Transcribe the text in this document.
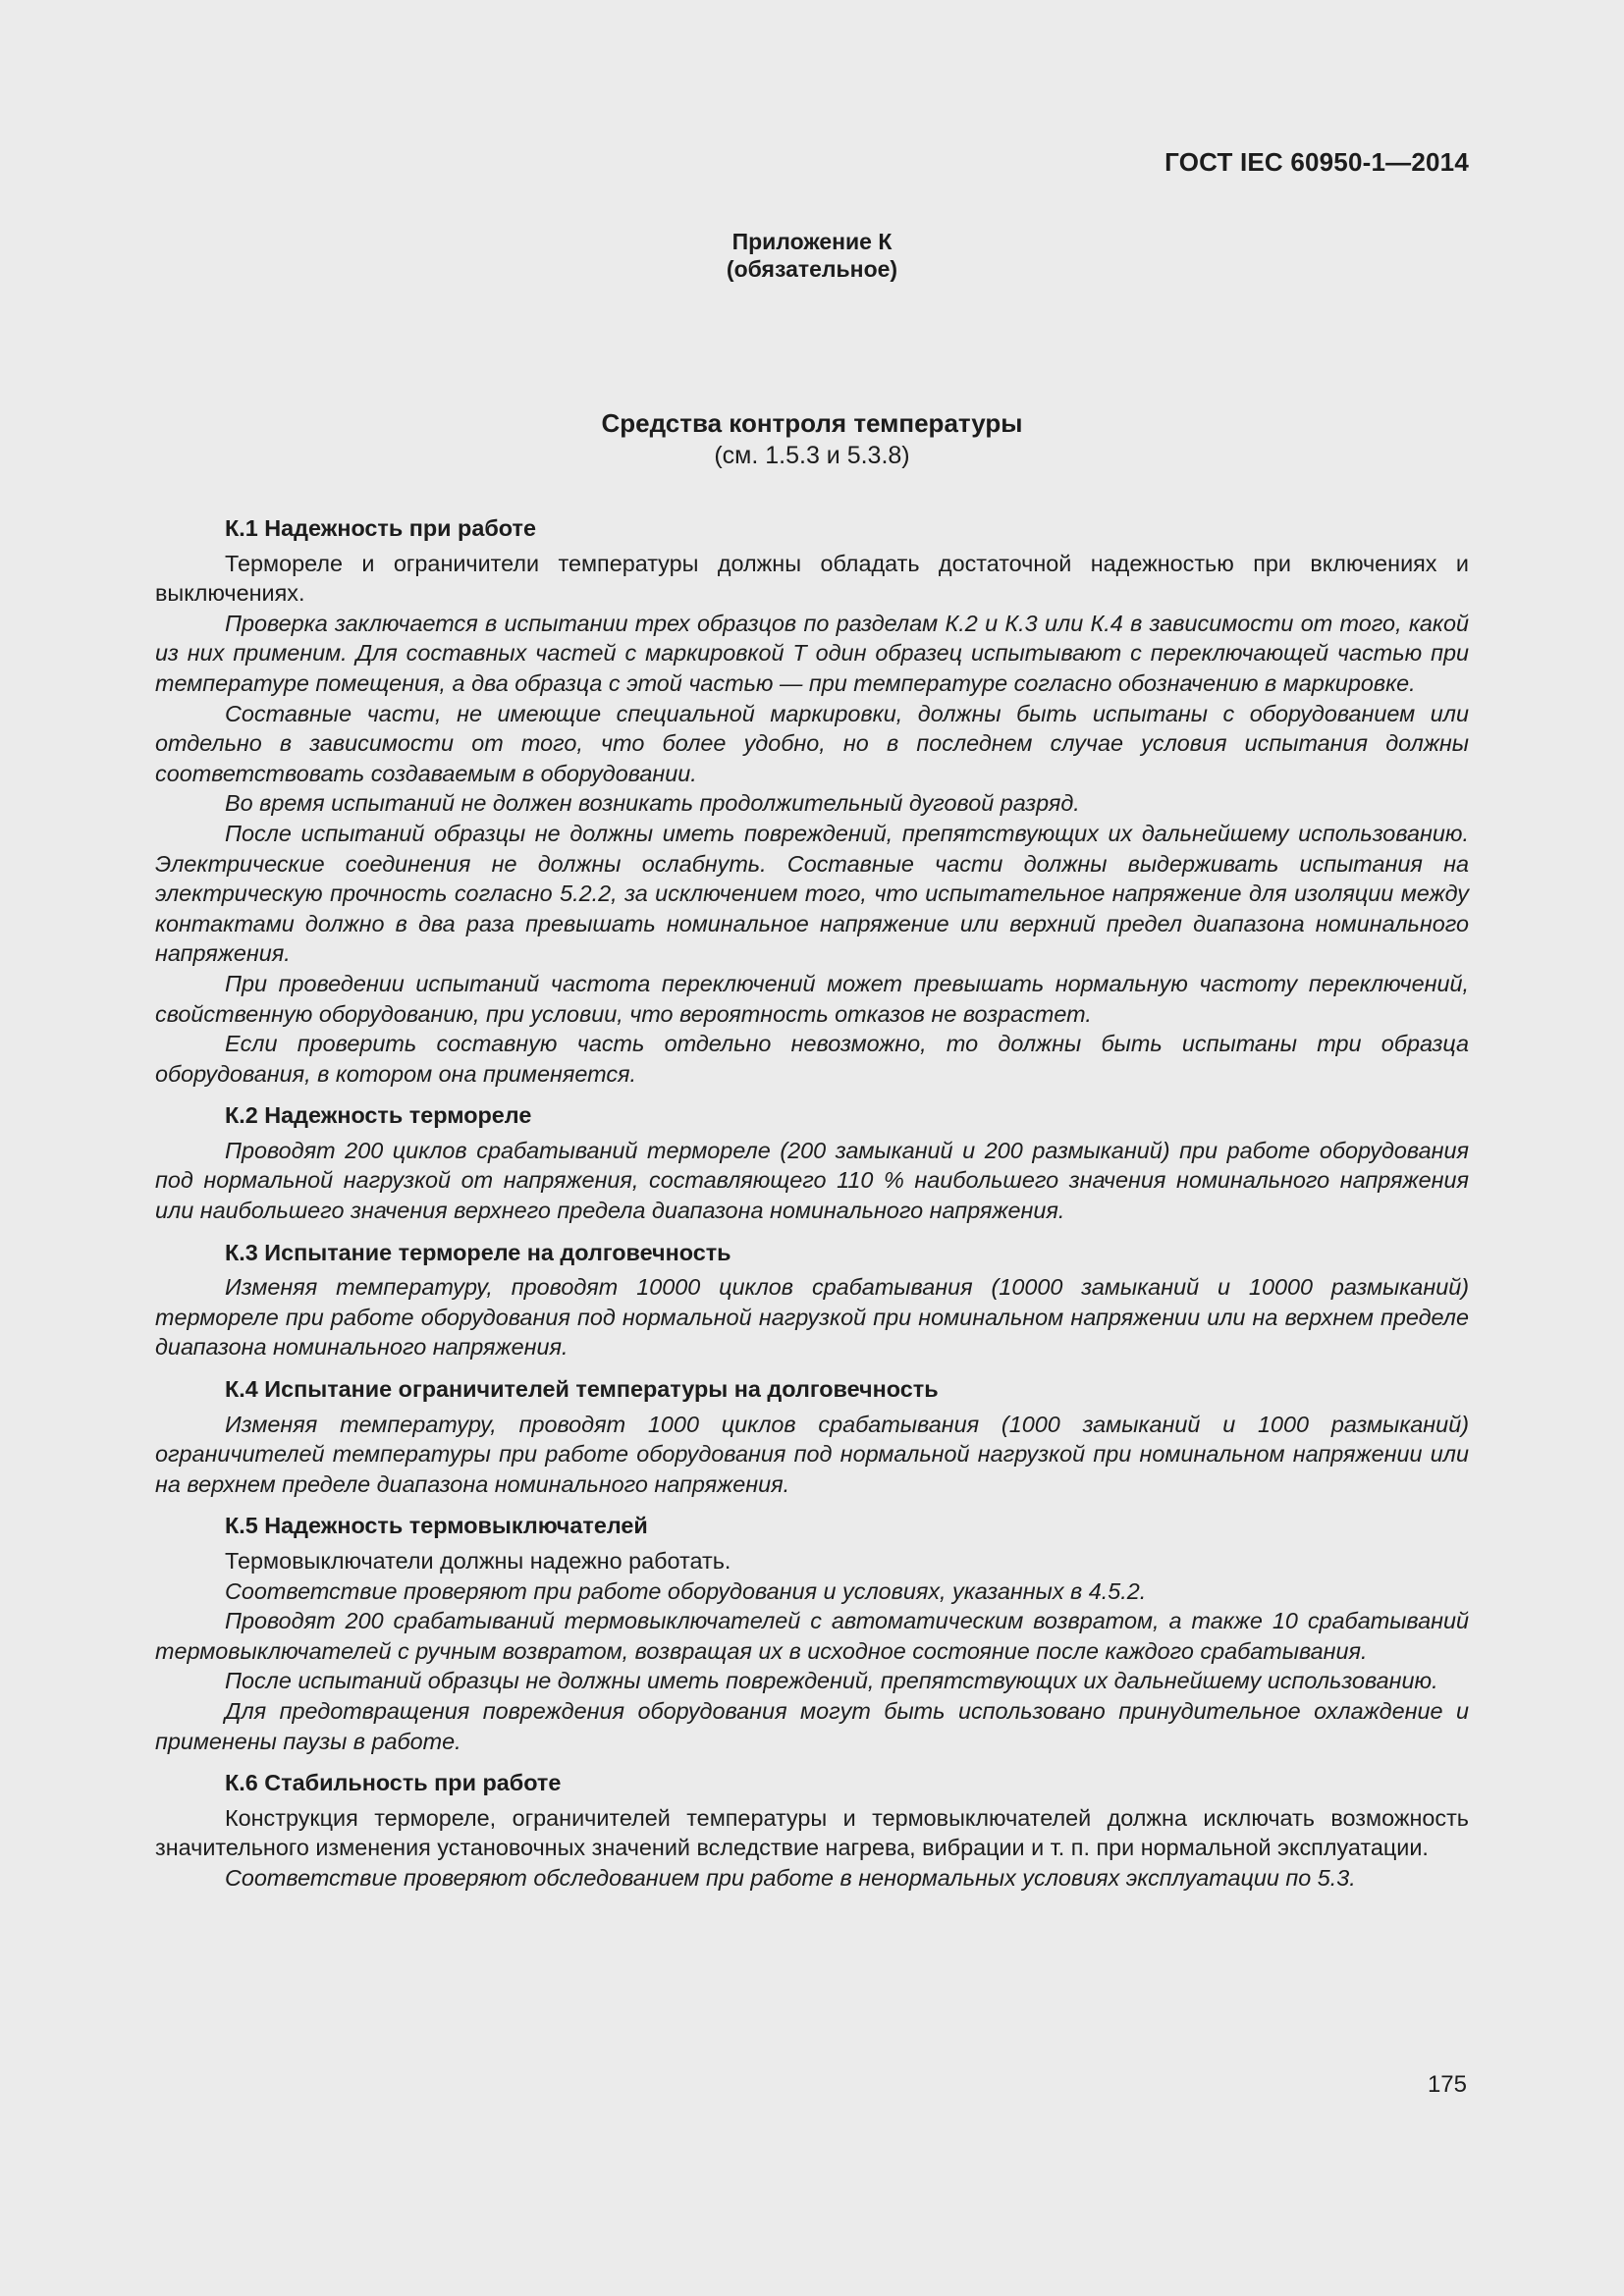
ГОСТ IEC 60950-1—2014
Приложение К
(обязательное)
Средства контроля температуры
(см. 1.5.3 и 5.3.8)
К.1 Надежность при работе

Термореле и ограничители температуры должны обладать достаточной надежностью при включениях и выключениях.

Проверка заключается в испытании трех образцов по разделам К.2 и К.3 или К.4 в зависимости от того, какой из них применим. Для составных частей с маркировкой Т один образец испытывают с переключающей частью при температуре помещения, а два образца с этой частью — при температуре согласно обозначению в маркировке.

Составные части, не имеющие специальной маркировки, должны быть испытаны с оборудованием или отдельно в зависимости от того, что более удобно, но в последнем случае условия испытания должны соответствовать создаваемым в оборудовании.

Во время испытаний не должен возникать продолжительный дуговой разряд.

После испытаний образцы не должны иметь повреждений, препятствующих их дальнейшему использованию. Электрические соединения не должны ослабнуть. Составные части должны выдерживать испытания на электрическую прочность согласно 5.2.2, за исключением того, что испытательное напряжение для изоляции между контактами должно в два раза превышать номинальное напряжение или верхний предел диапазона номинального напряжения.

При проведении испытаний частота переключений может превышать нормальную частоту переключений, свойственную оборудованию, при условии, что вероятность отказов не возрастет.

Если проверить составную часть отдельно невозможно, то должны быть испытаны три образца оборудования, в котором она применяется.

К.2 Надежность термореле

Проводят 200 циклов срабатываний термореле (200 замыканий и 200 размыканий) при работе оборудования под нормальной нагрузкой от напряжения, составляющего 110 % наибольшего значения номинального напряжения или наибольшего значения верхнего предела диапазона номинального напряжения.

К.3 Испытание термореле на долговечность

Изменяя температуру, проводят 10000 циклов срабатывания (10000 замыканий и 10000 размыканий) термореле при работе оборудования под нормальной нагрузкой при номинальном напряжении или на верхнем пределе диапазона номинального напряжения.

К.4 Испытание ограничителей температуры на долговечность

Изменяя температуру, проводят 1000 циклов срабатывания (1000 замыканий и 1000 размыканий) ограничителей температуры при работе оборудования под нормальной нагрузкой при номинальном напряжении или на верхнем пределе диапазона номинального напряжения.

К.5 Надежность термовыключателей

Термовыключатели должны надежно работать.

Соответствие проверяют при работе оборудования и условиях, указанных в 4.5.2.

Проводят 200 срабатываний термовыключателей с автоматическим возвратом, а также 10 срабатываний термовыключателей с ручным возвратом, возвращая их в исходное состояние после каждого срабатывания.

После испытаний образцы не должны иметь повреждений, препятствующих их дальнейшему использованию.

Для предотвращения повреждения оборудования могут быть использовано принудительное охлаждение и применены паузы в работе.

К.6 Стабильность при работе

Конструкция термореле, ограничителей температуры и термовыключателей должна исключать возможность значительного изменения установочных значений вследствие нагрева, вибрации и т. п. при нормальной эксплуатации.

Соответствие проверяют обследованием при работе в ненормальных условиях эксплуатации по 5.3.

175
